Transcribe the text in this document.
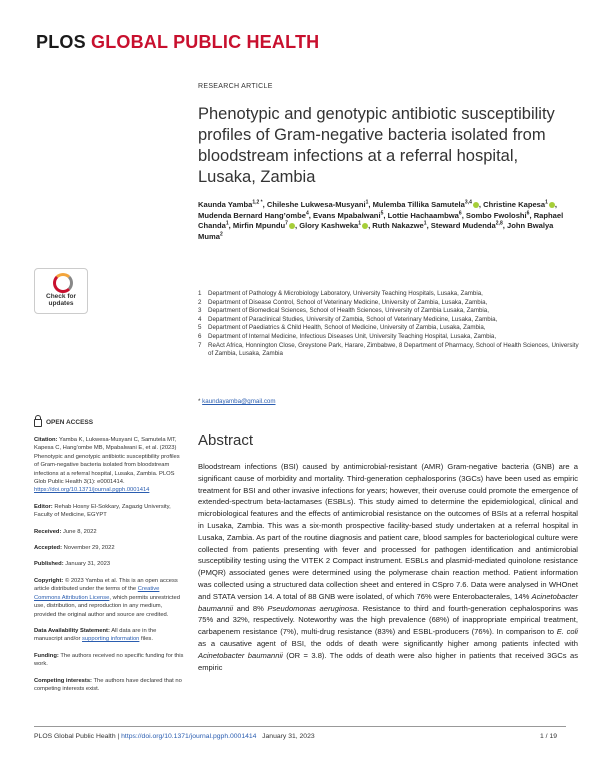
PLOS GLOBAL PUBLIC HEALTH
Check for
updates
OPEN ACCESS

Citation: Yamba K, Lukwesa-Musyani C, Samutela MT, Kapesa C, Hang’ombe MB, Mpabalwani E, et al. (2023) Phenotypic and genotypic antibiotic susceptibility profiles of Gram-negative bacteria isolated from bloodstream infections at a referral hospital, Lusaka, Zambia. PLOS Glob Public Health 3(1): e0001414. https://doi.org/10.1371/journal.pgph.0001414

Editor: Rehab Hosny El-Sokkary, Zagazig University, Faculty of Medicine, EGYPT

Received: June 8, 2022

Accepted: November 29, 2022

Published: January 31, 2023

Copyright: © 2023 Yamba et al. This is an open access article distributed under the terms of the Creative Commons Attribution License, which permits unrestricted use, distribution, and reproduction in any medium, provided the original author and source are credited.

Data Availability Statement: All data are in the manuscript and/or supporting information files.

Funding: The authors received no specific funding for this work.

Competing interests: The authors have declared that no competing interests exist.

RESEARCH ARTICLE
Phenotypic and genotypic antibiotic susceptibility profiles of Gram-negative bacteria isolated from bloodstream infections at a referral hospital, Lusaka, Zambia
Kaunda Yamba$^{1,2 *}$, Chileshe Lukwesa-Musyani$^1$, Mulemba Tillika Samutela$^{3,4}$ , Christine Kapesa$^1$ , Mudenda Bernard Hang’ombe$^4$, Evans Mpabalwani$^5$, Lottie Hachaambwa$^6$, Sombo Fwoloshi$^6$, Raphael Chanda$^1$, Mirfin Mpundu$^7$ , Glory Kashweka$^1$ , Ruth Nakazwe$^1$, Steward Mudenda$^{2,8}$, John Bwalya Muma$^2$
1	Department of Pathology & Microbiology Laboratory, University Teaching Hospitals, Lusaka, Zambia,
2	Department of Disease Control, School of Veterinary Medicine, University of Zambia, Lusaka, Zambia,
3	Department of Biomedical Sciences, School of Health Sciences, University of Zambia Lusaka, Zambia,
4	Department of Paraclinical Studies, University of Zambia, School of Veterinary Medicine, Lusaka, Zambia,
5	Department of Paediatrics & Child Health, School of Medicine, University of Zambia, Lusaka, Zambia,
6	Department of Internal Medicine, Infectious Diseases Unit, University Teaching Hospital, Lusaka, Zambia,
7	ReAct Africa, Honnington Close, Greystone Park, Harare, Zimbabwe, 8 Department of Pharmacy, School of Health Sciences, University of Zambia, Lusaka, Zambia
* kaundayamba@gmail.com
Abstract
Bloodstream infections (BSI) caused by antimicrobial-resistant (AMR) Gram-negative bacteria (GNB) are a significant cause of morbidity and mortality. Third-generation cephalosporins (3GCs) have been used as empiric treatment for BSI and other invasive infections for years; however, their overuse could promote the emergence of extended-spectrum beta-lactamases (ESBLs). This study aimed to determine the epidemiological, clinical and microbiological features and the effects of antimicrobial resistance on the outcomes of BSIs at a referral hospital in Lusaka, Zambia. This was a six-month prospective facility-based study undertaken at a referral hospital in Lusaka, Zambia. As part of the routine diagnosis and patient care, blood samples for bacteriological culture were collected from patients presenting with fever and processed for pathogen identification and antimicrobial susceptibility testing using the VITEK 2 Compact instrument. ESBLs and plasmid-mediated quinolone resistance (PMQR) associated genes were determined using the polymerase chain reaction method. Patient information was collected using a structured data collection sheet and entered in CSpro 7.6. Data were analysed in WHOnet and STATA version 14. A total of 88 GNB were isolated, of which 76% were Enterobacterales, 14% Acinetobacter baumannii and 8% Pseudomonas aeruginosa. Resistance to third and fourth-generation cephalosporins was 75% and 32%, respectively. Noteworthy was the high prevalence (68%) of inappropriate empirical treatment, carbapenem resistance (7%), multi-drug resistance (83%) and ESBL-producers (76%). In comparison to E. coli as a causative agent of BSI, the odds of death were significantly higher among patients infected with Acinetobacter baumannii (OR = 3.8). The odds of death were also higher in patients that received 3GCs as empiric
PLOS Global Public Health | https://doi.org/10.1371/journal.pgph.0001414 January 31, 2023	1 / 19
